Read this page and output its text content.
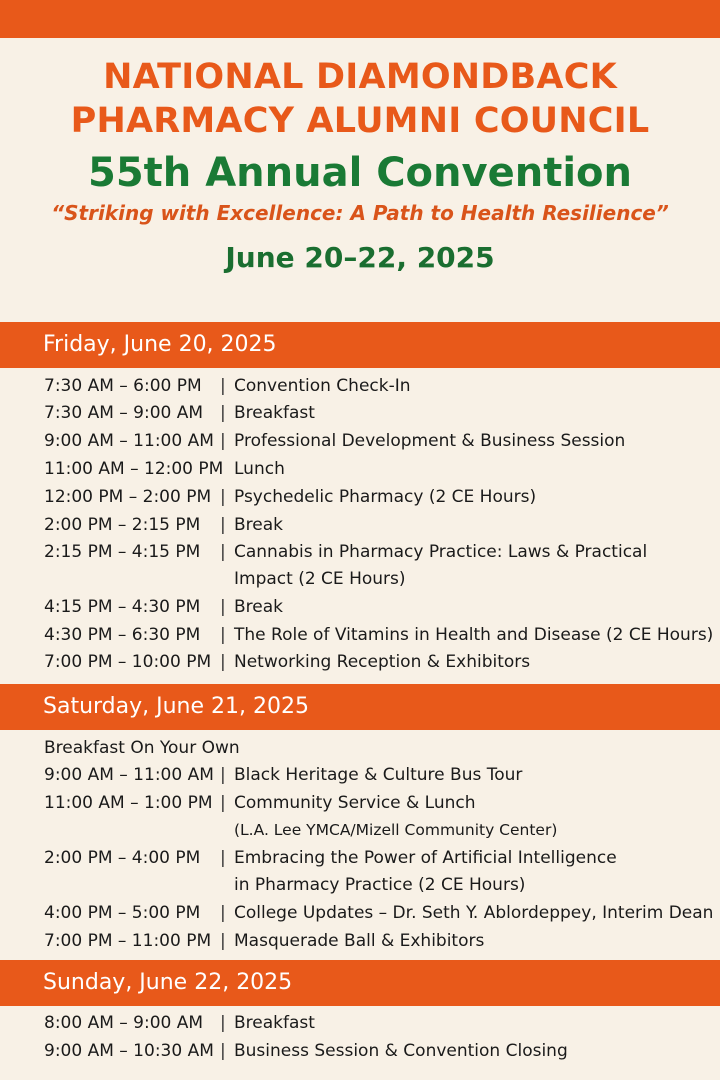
NATIONAL DIAMONDBACK
PHARMACY ALUMNI COUNCIL
55th Annual Convention
“Striking with Excellence: A Path to Health Resilience”
June 20–22, 2025
Friday, June 20, 2025
7:30 AM – 6:00 PM | Convention Check-In
7:30 AM – 9:00 AM | Breakfast
9:00 AM – 11:00 AM | Professional Development & Business Session
11:00 AM – 12:00 PM Lunch
12:00 PM – 2:00 PM | Psychedelic Pharmacy (2 CE Hours)
2:00 PM – 2:15 PM | Break
2:15 PM – 4:15 PM | Cannabis in Pharmacy Practice: Laws & Practical
Impact (2 CE Hours)
4:15 PM – 4:30 PM | Break
4:30 PM – 6:30 PM | The Role of Vitamins in Health and Disease (2 CE Hours)
7:00 PM – 10:00 PM | Networking Reception & Exhibitors
Saturday, June 21, 2025
Breakfast On Your Own
9:00 AM – 11:00 AM | Black Heritage & Culture Bus Tour
11:00 AM – 1:00 PM | Community Service & Lunch
(L.A. Lee YMCA/Mizell Community Center)
2:00 PM – 4:00 PM | Embracing the Power of Artificial Intelligence
in Pharmacy Practice (2 CE Hours)
4:00 PM – 5:00 PM | College Updates – Dr. Seth Y. Ablordeppey, Interim Dean
7:00 PM – 11:00 PM | Masquerade Ball & Exhibitors
Sunday, June 22, 2025
8:00 AM – 9:00 AM | Breakfast
9:00 AM – 10:30 AM | Business Session & Convention Closing
